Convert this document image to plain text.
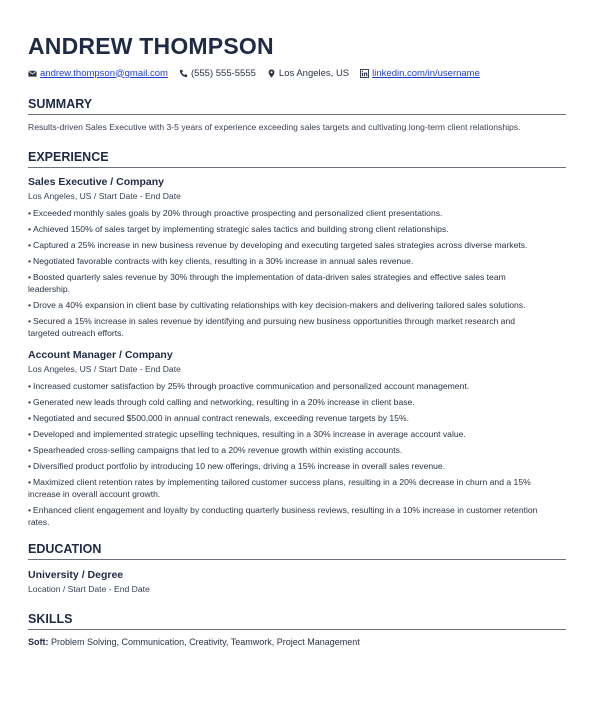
ANDREW THOMPSON
andrew.thompson@gmail.com (555) 555-5555 Los Angeles, US linkedin.com/in/username
SUMMARY
Results-driven Sales Executive with 3-5 years of experience exceeding sales targets and cultivating long-term client relationships.
EXPERIENCE
Sales Executive / Company
Los Angeles, US / Start Date - End Date
• Exceeded monthly sales goals by 20% through proactive prospecting and personalized client presentations.
• Achieved 150% of sales target by implementing strategic sales tactics and building strong client relationships.
• Captured a 25% increase in new business revenue by developing and executing targeted sales strategies across diverse markets.
• Negotiated favorable contracts with key clients, resulting in a 30% increase in annual sales revenue.
• Boosted quarterly sales revenue by 30% through the implementation of data-driven sales strategies and effective sales team leadership.
• Drove a 40% expansion in client base by cultivating relationships with key decision-makers and delivering tailored sales solutions.
• Secured a 15% increase in sales revenue by identifying and pursuing new business opportunities through market research and targeted outreach efforts.
Account Manager / Company
Los Angeles, US / Start Date - End Date
• Increased customer satisfaction by 25% through proactive communication and personalized account management.
• Generated new leads through cold calling and networking, resulting in a 20% increase in client base.
• Negotiated and secured $500,000 in annual contract renewals, exceeding revenue targets by 15%.
• Developed and implemented strategic upselling techniques, resulting in a 30% increase in average account value.
• Spearheaded cross-selling campaigns that led to a 20% revenue growth within existing accounts.
• Diversified product portfolio by introducing 10 new offerings, driving a 15% increase in overall sales revenue.
• Maximized client retention rates by implementing tailored customer success plans, resulting in a 20% decrease in churn and a 15% increase in overall account growth.
• Enhanced client engagement and loyalty by conducting quarterly business reviews, resulting in a 10% increase in customer retention rates.
EDUCATION
University / Degree
Location / Start Date - End Date
SKILLS
Soft: Problem Solving, Communication, Creativity, Teamwork, Project Management
